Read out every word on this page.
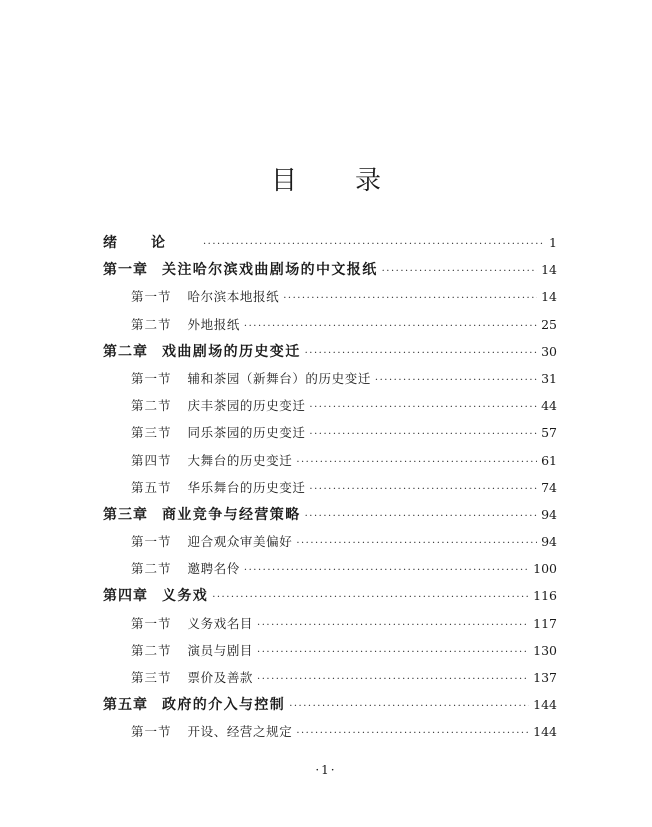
目录
绪论 ·····	1
第一章 关注哈尔滨戏曲剧场的中文报纸 ·····	14
第一节 哈尔滨本地报纸 ·····	14
第二节 外地报纸 ·····	25
第二章 戏曲剧场的历史变迁 ·····	30
第一节 辅和茶园（新舞台）的历史变迁 ·····	31
第二节 庆丰茶园的历史变迁 ·····	44
第三节 同乐茶园的历史变迁 ·····	57
第四节 大舞台的历史变迁 ·····	61
第五节 华乐舞台的历史变迁 ·····	74
第三章 商业竞争与经营策略 ·····	94
第一节 迎合观众审美偏好 ·····	94
第二节 邀聘名伶 ·····	100
第四章 义务戏 ·····	116
第一节 义务戏名目 ·····	117
第二节 演员与剧目 ·····	130
第三节 票价及善款 ·····	137
第五章 政府的介入与控制 ·····	144
第一节 开设、经营之规定 ·····	144
·1·
